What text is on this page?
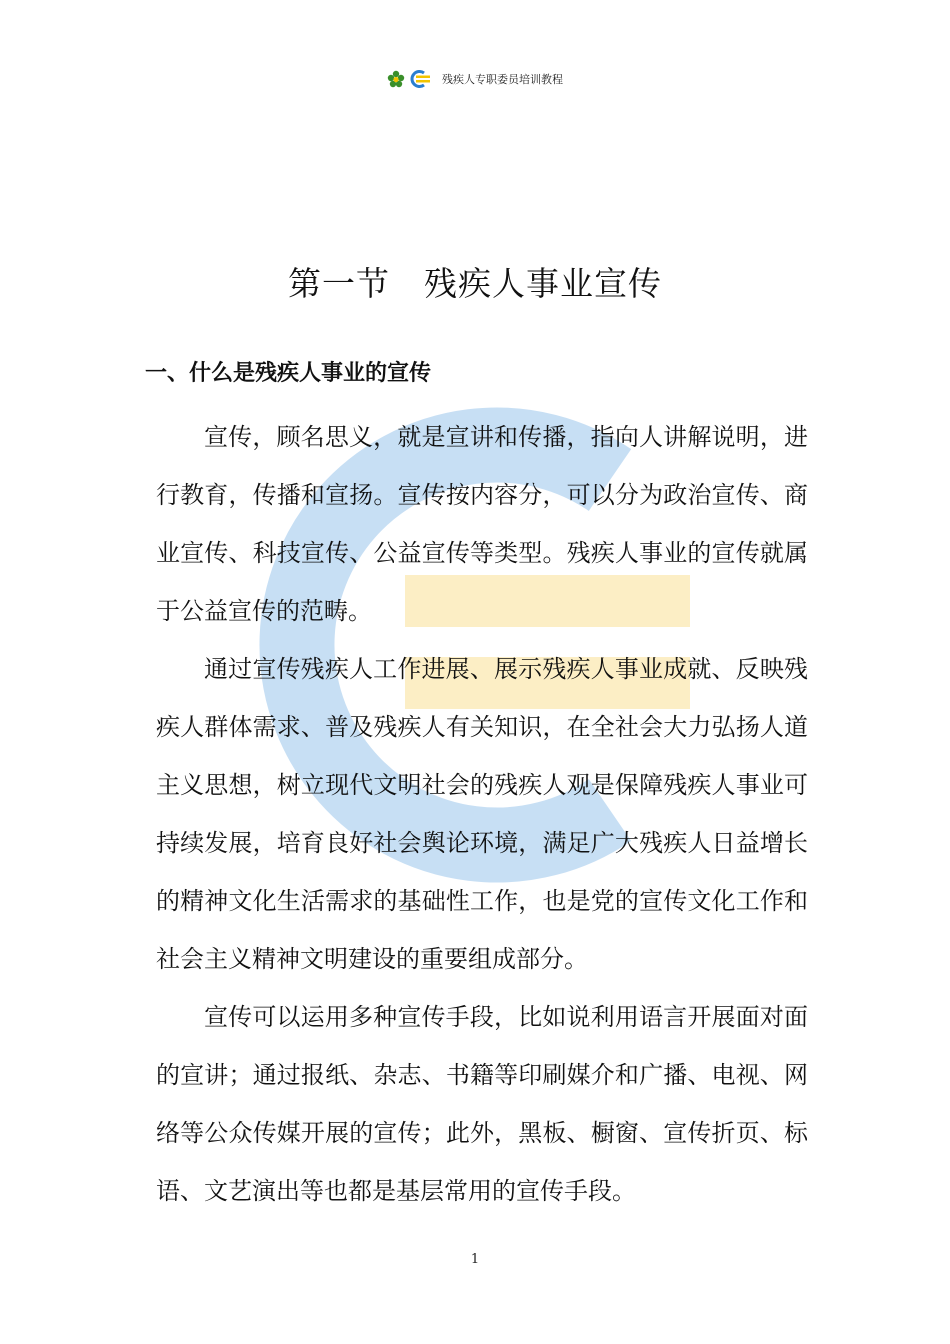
残疾人专职委员培训教程
第一节　残疾人事业宣传
一、什么是残疾人事业的宣传

宣传，顾名思义，就是宣讲和传播，指向人讲解说明，进行教育，传播和宣扬。宣传按内容分，可以分为政治宣传、商业宣传、科技宣传、公益宣传等类型。残疾人事业的宣传就属于公益宣传的范畴。

通过宣传残疾人工作进展、展示残疾人事业成就、反映残疾人群体需求、普及残疾人有关知识，在全社会大力弘扬人道主义思想，树立现代文明社会的残疾人观是保障残疾人事业可持续发展，培育良好社会舆论环境，满足广大残疾人日益增长的精神文化生活需求的基础性工作，也是党的宣传文化工作和社会主义精神文明建设的重要组成部分。

宣传可以运用多种宣传手段，比如说利用语言开展面对面的宣讲；通过报纸、杂志、书籍等印刷媒介和广播、电视、网络等公众传媒开展的宣传；此外，黑板、橱窗、宣传折页、标语、文艺演出等也都是基层常用的宣传手段。

1
